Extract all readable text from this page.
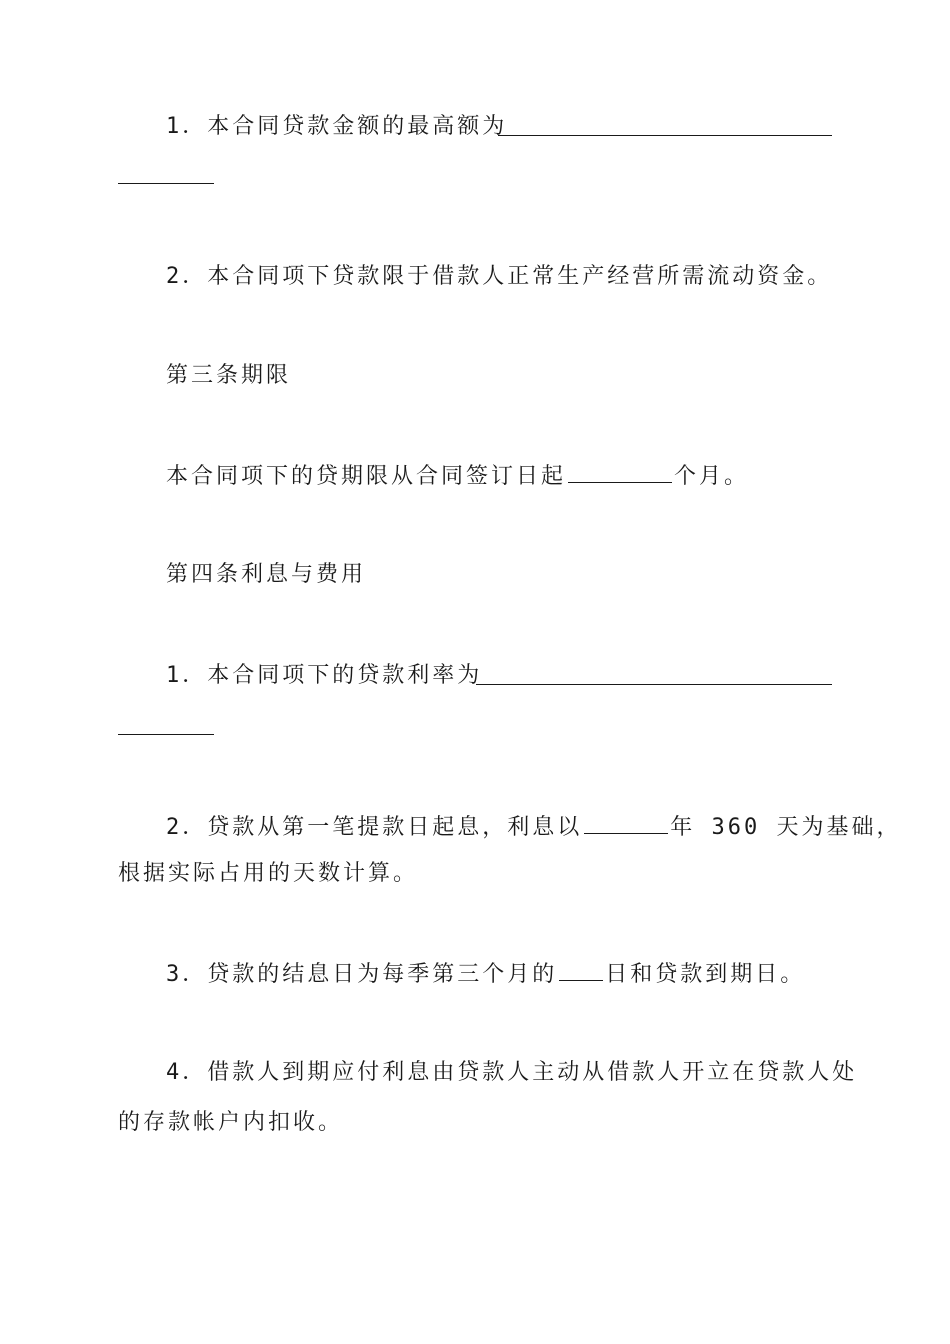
1．本合同贷款金额的最高额为
2．本合同项下贷款限于借款人正常生产经营所需流动资金。
第三条期限
本合同项下的贷期限从合同签订日起	个月。
第四条利息与费用
1．本合同项下的贷款利率为
2．贷款从第一笔提款日起息，利息以	年 360 天为基础，
根据实际占用的天数计算。
3．贷款的结息日为每季第三个月的 日和贷款到期日。
4．借款人到期应付利息由贷款人主动从借款人开立在贷款人处
的存款帐户内扣收。
